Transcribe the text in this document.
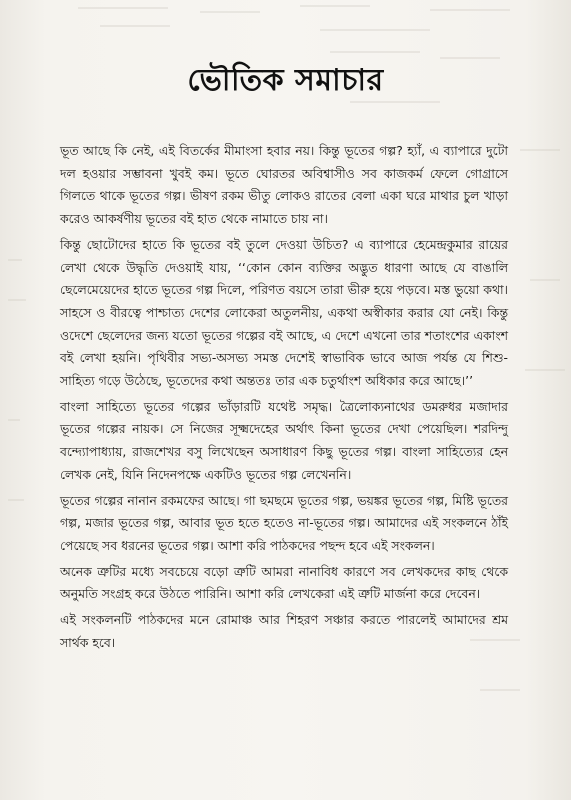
ভৌতিক সমাচার

ভূত আছে কি নেই, এই বিতর্কের মীমাংসা হবার নয়। কিন্তু ভূতের গল্প? হ্যাঁ, এ ব্যাপারে দুটো দল হওয়ার সম্ভাবনা খুবই কম। ভূতে ঘোরতর অবিশ্বাসীও সব কাজকর্ম ফেলে গোগ্রাসে গিলতে থাকে ভূতের গল্প। ভীষণ রকম ভীতু লোকও রাতের বেলা একা ঘরে মাথার চুল খাড়া করেও আকর্ষণীয় ভূতের বই হাত থেকে নামাতে চায় না।

কিন্তু ছোটোদের হাতে কি ভূতের বই তুলে দেওয়া উচিত? এ ব্যাপারে হেমেন্দ্রকুমার রায়ের লেখা থেকে উদ্ধৃতি দেওয়াই যায়, ‘‘কোন কোন ব্যক্তির অদ্ভুত ধারণা আছে যে বাঙালি ছেলেমেয়েদের হাতে ভূতের গল্প দিলে, পরিণত বয়সে তারা ভীরু হয়ে পড়বে। মস্ত ভুয়ো কথা। সাহসে ও বীরত্বে পাশ্চাত্য দেশের লোকেরা অতুলনীয়, একথা অস্বীকার করার যো নেই। কিন্তু ওদেশে ছেলেদের জন্য যতো ভূতের গল্পের বই আছে, এ দেশে এখনো তার শতাংশের একাংশ বই লেখা হয়নি। পৃথিবীর সভ্য-অসভ্য সমস্ত দেশেই স্বাভাবিক ভাবে আজ পর্যন্ত যে শিশু-সাহিত্য গড়ে উঠেছে, ভূতেদের কথা অন্ততঃ তার এক চতুর্থাংশ অধিকার করে আছে।’’

বাংলা সাহিত্যে ভূতের গল্পের ভাঁড়ারটি যথেষ্ট সমৃদ্ধ। ত্রৈলোক্যনাথের ডমরুধর মজাদার ভূতের গল্পের নায়ক। সে নিজের সূক্ষ্মদেহের অর্থাৎ কিনা ভূতের দেখা পেয়েছিল। শরদিন্দু বন্দ্যোপাধ্যায়, রাজশেখর বসু লিখেছেন অসাধারণ কিছু ভূতের গল্প। বাংলা সাহিত্যের হেন লেখক নেই, যিনি নিদেনপক্ষে একটিও ভূতের গল্প লেখেননি।

ভূতের গল্পের নানান রকমফের আছে। গা ছমছমে ভূতের গল্প, ভয়ঙ্কর ভূতের গল্প, মিষ্টি ভূতের গল্প, মজার ভূতের গল্প, আবার ভূত হতে হতেও না-ভূতের গল্প। আমাদের এই সংকলনে ঠাঁই পেয়েছে সব ধরনের ভূতের গল্প। আশা করি পাঠকদের পছন্দ হবে এই সংকলন।

অনেক ত্রুটির মধ্যে সবচেয়ে বড়ো ত্রুটি আমরা নানাবিধ কারণে সব লেখকদের কাছ থেকে অনুমতি সংগ্রহ করে উঠতে পারিনি। আশা করি লেখকেরা এই ত্রুটি মার্জনা করে দেবেন।

এই সংকলনটি পাঠকদের মনে রোমাঞ্চ আর শিহরণ সঞ্চার করতে পারলেই আমাদের শ্রম সার্থক হবে।
